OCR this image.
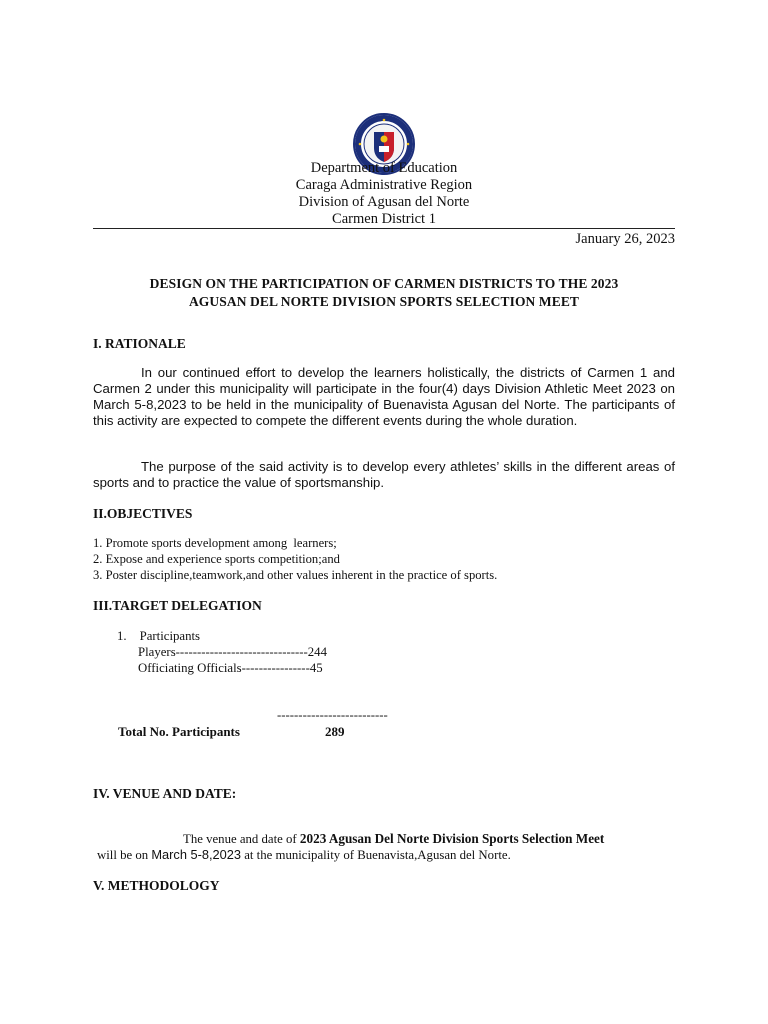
Department of Education
Caraga Administrative Region
Division of Agusan del Norte
Carmen District 1
January 26, 2023
DESIGN ON THE PARTICIPATION OF CARMEN DISTRICTS TO THE 2023
AGUSAN DEL NORTE DIVISION SPORTS SELECTION MEET
I. RATIONALE
In our continued effort to develop the learners holistically, the districts of Carmen 1 and Carmen 2 under this municipality will participate in the four(4) days Division Athletic Meet 2023 on March 5-8,2023 to be held in the municipality of Buenavista Agusan del Norte. The participants of this activity are expected to compete the different events during the whole duration.
The purpose of the said activity is to develop every athletes’ skills in the different areas of sports and to practice the value of sportsmanship.
II.OBJECTIVES
1. Promote sports development among  learners;
2. Expose and experience sports competition;and
3. Poster discipline,teamwork,and other values inherent in the practice of sports.
III.TARGET DELEGATION
1. Participants
Players-------------------------------244
Officiating Officials----------------45
--------------------------
Total No. Participants	289
IV. VENUE AND DATE:
The venue and date of 2023 Agusan Del Norte Division Sports Selection Meet
will be on March 5-8,2023 at the municipality of Buenavista,Agusan del Norte.
V. METHODOLOGY
